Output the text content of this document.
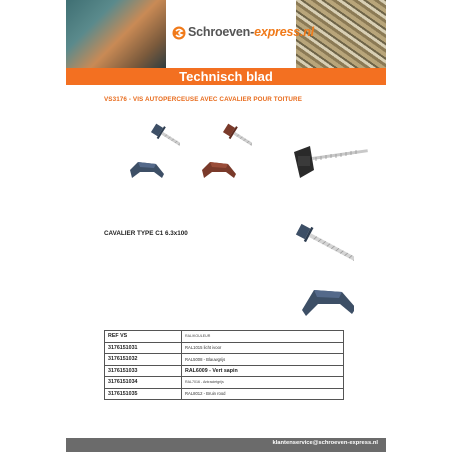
Schroeven-express.nl
Technisch blad
VS3176 - VIS AUTOPERCEUSE AVEC CAVALIER POUR TOITURE
CAVALIER TYPE C1 6.3x100
REF VS	RAL/KOULEUR
3176151031	RAL1015 licht ivoor
3176151032	RAL5008 - Blauwgrijs
3176151033	RAL6009 - Vert sapin
3176151034	RAL7016 - Antracietgrijs
3176151035	RAL8012 - Bruin rood
klantenservice@schroeven-express.nl
